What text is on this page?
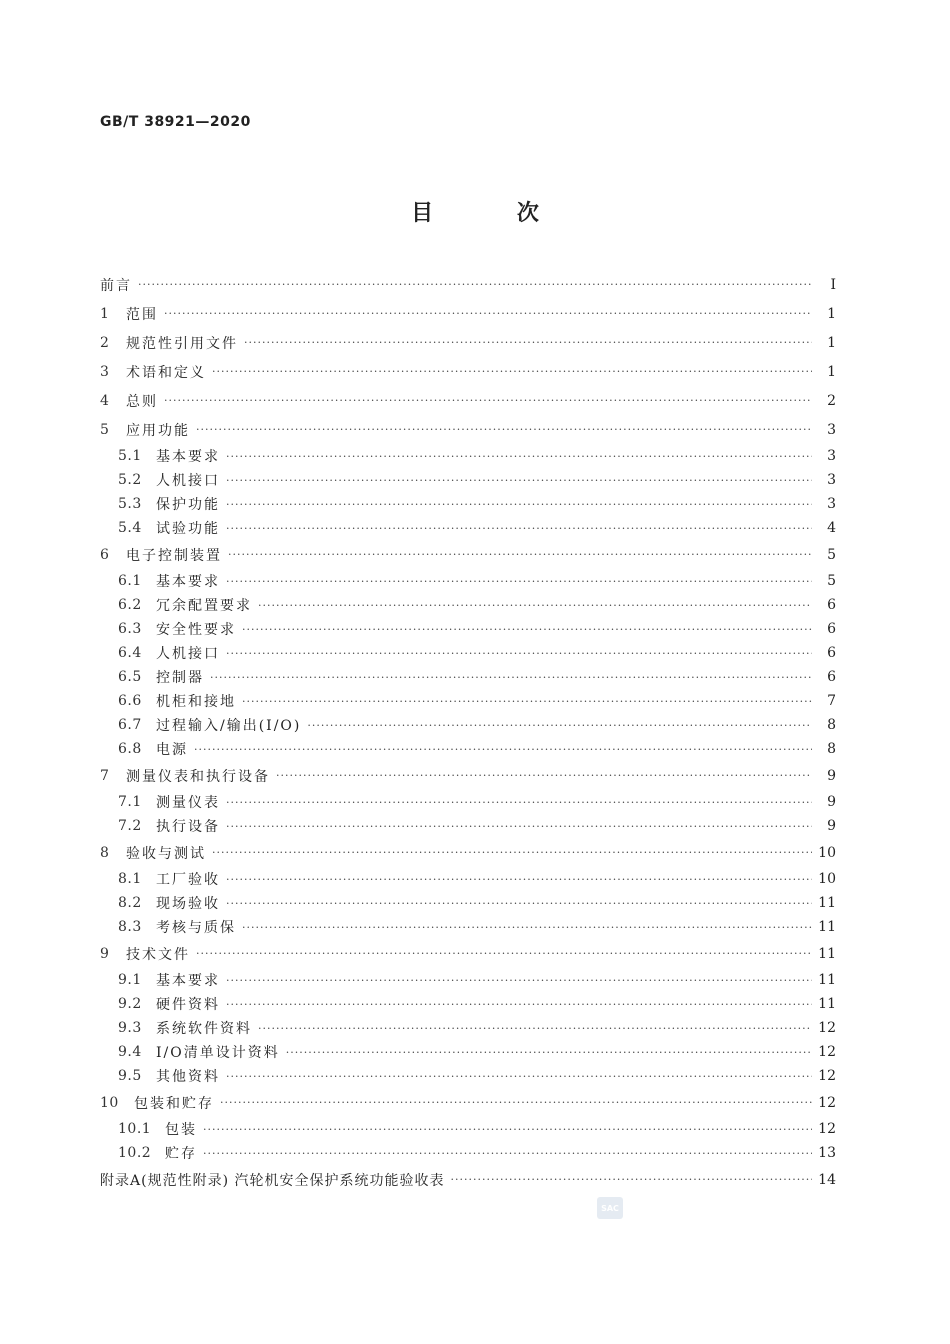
GB/T 38921—2020
目 次
前言 ·····	Ⅰ
1	范围 ·····	1
2	规范性引用文件 ·····	1
3	术语和定义 ·····	1
4	总则 ·····	2
5	应用功能 ·····	3
5.1	基本要求 ·····	3
5.2	人机接口 ·····	3
5.3	保护功能 ·····	3
5.4	试验功能 ·····	4
6	电子控制装置 ·····	5
6.1	基本要求 ·····	5
6.2	冗余配置要求 ·····	6
6.3	安全性要求 ·····	6
6.4	人机接口 ·····	6
6.5	控制器 ·····	6
6.6	机柜和接地 ·····	7
6.7	过程输入/输出(I/O) ·····	8
6.8	电源 ·····	8
7	测量仪表和执行设备 ·····	9
7.1	测量仪表 ·····	9
7.2	执行设备 ·····	9
8	验收与测试 ·····	10
8.1	工厂验收 ·····	10
8.2	现场验收 ·····	11
8.3	考核与质保 ·····	11
9	技术文件 ·····	11
9.1	基本要求 ·····	11
9.2	硬件资料 ·····	11
9.3	系统软件资料 ·····	12
9.4	I/O清单设计资料 ·····	12
9.5	其他资料 ·····	12
10	包装和贮存 ·····	12
10.1 包装 ·····	12
10.2 贮存 ·····	13
附录A(规范性附录) 汽轮机安全保护系统功能验收表 ·····	14
SAC
